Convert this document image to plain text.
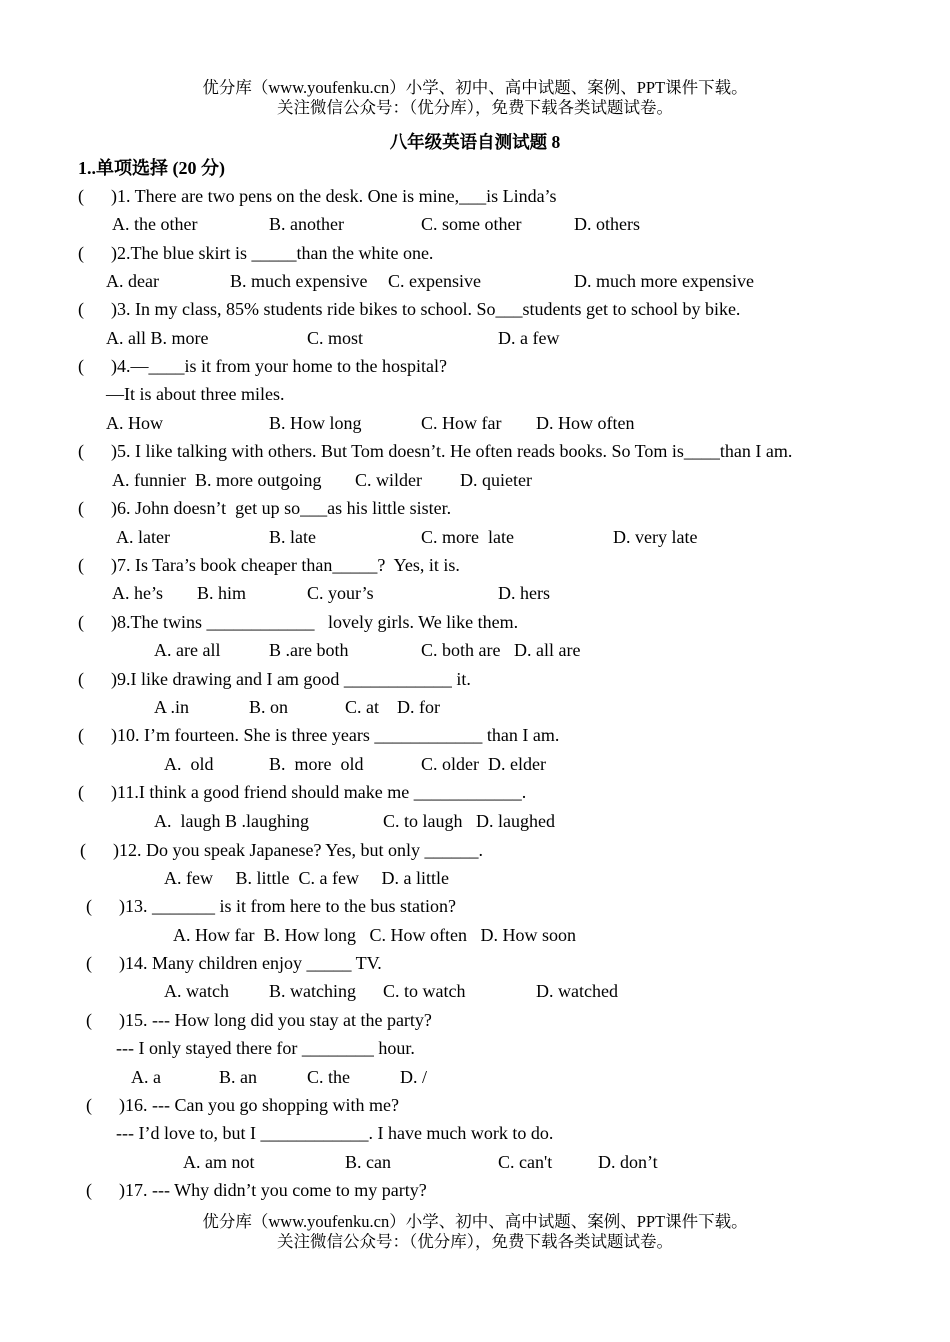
优分库（www.youfenku.cn）小学、初中、高中试题、案例、PPT课件下载。
关注微信公众号：（优分库），免费下载各类试题试卷。
八年级英语自测试题 8
1..单项选择 (20 分)
(      )1. There are two pens on the desk. One is mine,___is Linda’s
A. the other	B. another	C. some other	D. others
(      )2.The blue skirt is _____than the white one.
A. dear	B. much expensive C. expensive	D. much more expensive
(      )3. In my class, 85% students ride bikes to school. So___students get to school by bike.
A. all B. more	C. most	D. a few
(      )4.—____is it from your home to the hospital?
—It is about three miles.
A. How	B. How long	C. How far D. How often
(      )5. I like talking with others. But Tom doesn’t. He often reads books. So Tom is____than I am.
A. funnier  B. more outgoing C. wilder D. quieter
(      )6. John doesn’t  get up so___as his little sister.
A. later	B. late	C. more  late	D. very late
(      )7. Is Tara’s book cheaper than_____?  Yes, it is.
A. he’s B. him	C. your’s	D. hers
(      )8.The twins ____________   lovely girls. We like them.
A. are all	B .are both	C. both are   D. all are
(      )9.I like drawing and I am good ____________ it.
A .in	B. on	C. at    D. for
(      )10. I’m fourteen. She is three years ____________ than I am.
A.  old	B.  more  old	C. older  D. elder
(      )11.I think a good friend should make me ____________.
A.  laugh B .laughing	C. to laugh   D. laughed
(      )12. Do you speak Japanese? Yes, but only ______.
A. few     B. little  C. a few     D. a little
(      )13. _______ is it from here to the bus station?
A. How far  B. How long   C. How often   D. How soon
(      )14. Many children enjoy _____ TV.
A. watch B. watching C. to watch	D. watched
(      )15. --- How long did you stay at the party?
--- I only stayed there for ________ hour.
A. a	B. an	C. the	D. /
(      )16. --- Can you go shopping with me?
--- I’d love to, but I ____________. I have much work to do.
A. am not	B. can	C. can't	D. don’t
(      )17. --- Why didn’t you come to my party?
优分库（www.youfenku.cn）小学、初中、高中试题、案例、PPT课件下载。
关注微信公众号：（优分库），免费下载各类试题试卷。
